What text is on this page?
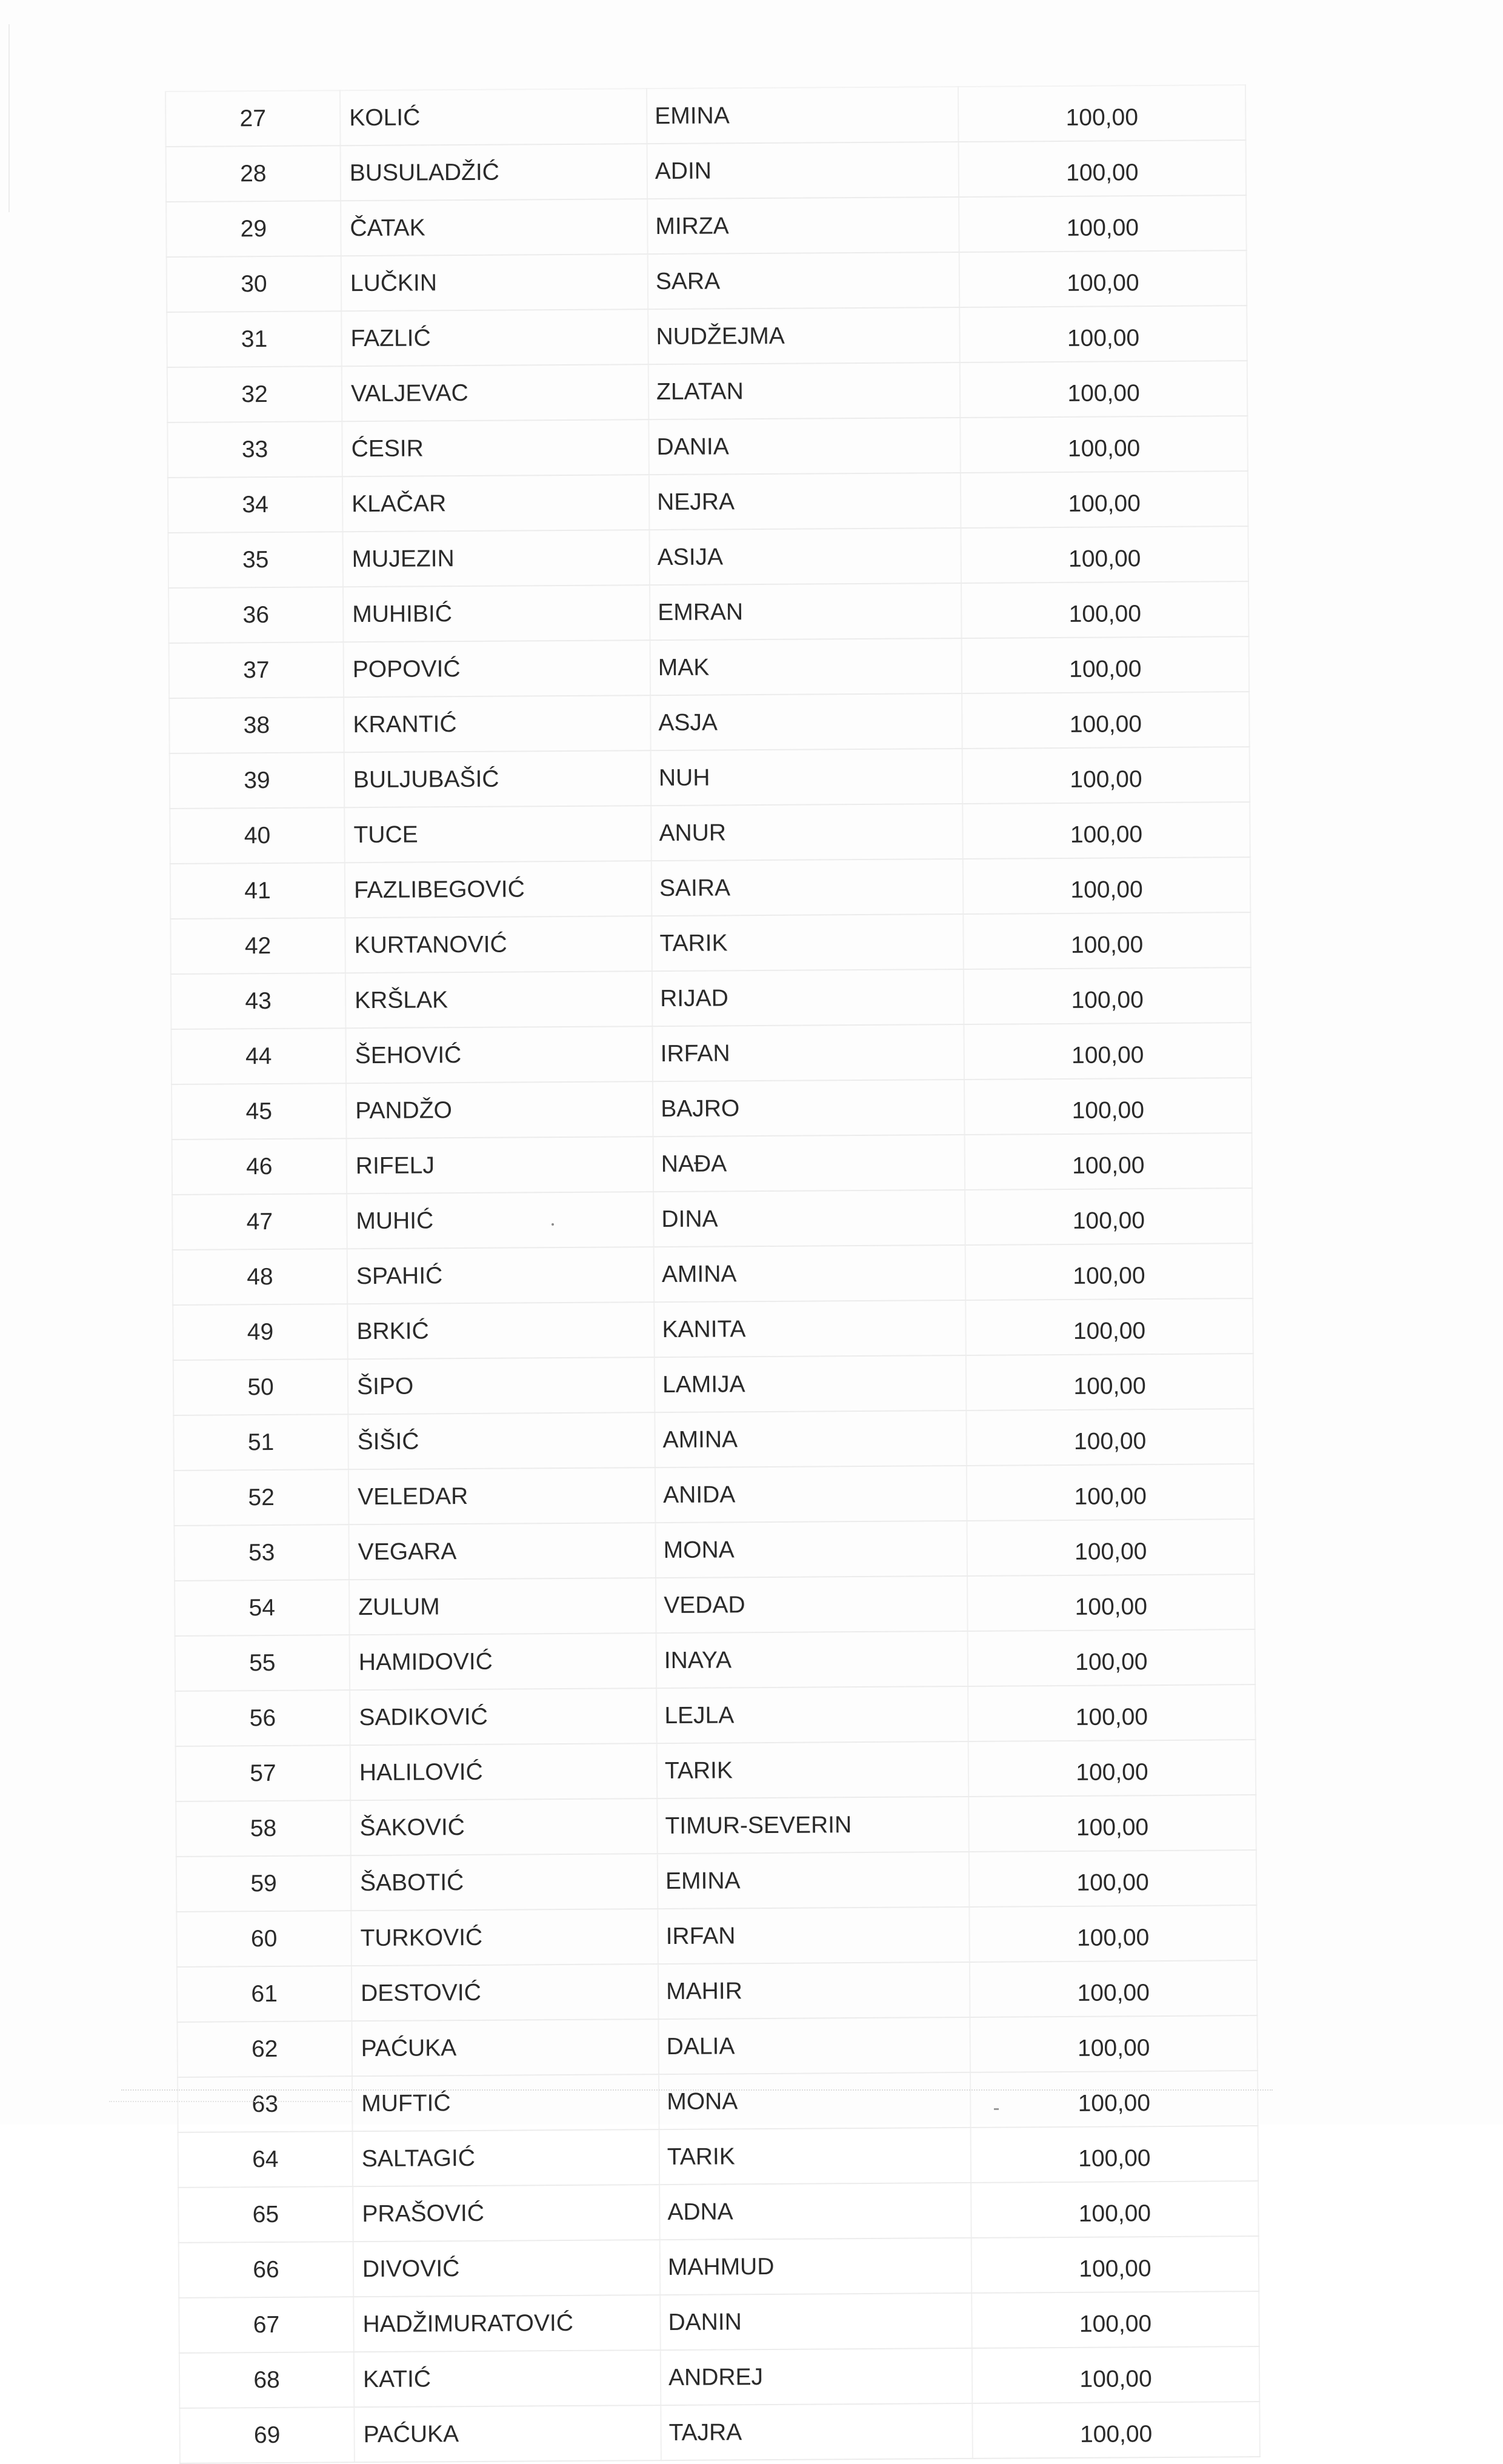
27	KOLIĆ	EMINA	100,00
28	BUSULADŽIĆ	ADIN	100,00
29	ČATAK	MIRZA	100,00
30	LUČKIN	SARA	100,00
31	FAZLIĆ	NUDŽEJMA	100,00
32	VALJEVAC	ZLATAN	100,00
33	ĆESIR	DANIA	100,00
34	KLAČAR	NEJRA	100,00
35	MUJEZIN	ASIJA	100,00
36	MUHIBIĆ	EMRAN	100,00
37	POPOVIĆ	MAK	100,00
38	KRANTIĆ	ASJA	100,00
39	BULJUBAŠIĆ	NUH	100,00
40	TUCE	ANUR	100,00
41	FAZLIBEGOVIĆ	SAIRA	100,00
42	KURTANOVIĆ	TARIK	100,00
43	KRŠLAK	RIJAD	100,00
44	ŠEHOVIĆ	IRFAN	100,00
45	PANDŽO	BAJRO	100,00
46	RIFELJ	NAĐA	100,00
47	MUHIĆ	DINA	100,00
48	SPAHIĆ	AMINA	100,00
49	BRKIĆ	KANITA	100,00
50	ŠIPO	LAMIJA	100,00
51	ŠIŠIĆ	AMINA	100,00
52	VELEDAR	ANIDA	100,00
53	VEGARA	MONA	100,00
54	ZULUM	VEDAD	100,00
55	HAMIDOVIĆ	INAYA	100,00
56	SADIKOVIĆ	LEJLA	100,00
57	HALILOVIĆ	TARIK	100,00
58	ŠAKOVIĆ	TIMUR-SEVERIN	100,00
59	ŠABOTIĆ	EMINA	100,00
60	TURKOVIĆ	IRFAN	100,00
61	DESTOVIĆ	MAHIR	100,00
62	PAĆUKA	DALIA	100,00
63	MUFTIĆ	MONA	100,00
64	SALTAGIĆ	TARIK	100,00
65	PRAŠOVIĆ	ADNA	100,00
66	DIVOVIĆ	MAHMUD	100,00
67	HADŽIMURATOVIĆ	DANIN	100,00
68	KATIĆ	ANDREJ	100,00
69	PAĆUKA	TAJRA	100,00
